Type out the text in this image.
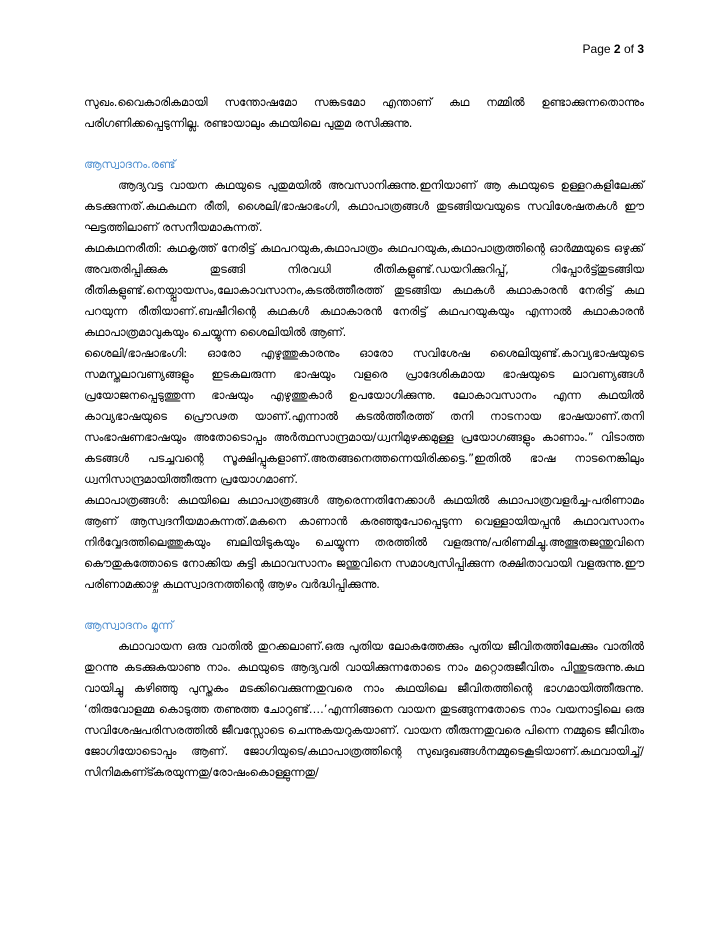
Page 2 of 3

സുഖം.വൈകാരികമായി സന്തോഷമോ സങ്കടമോ എന്താണ് കഥ നമ്മിൽ ഉണ്ടാക്കുന്നതൊന്നും പരിഗണിക്കപ്പെടുന്നില്ല. രണ്ടായാലും കഥയിലെ പുതുമ രസിക്കുന്നു.

ആസ്വാദനം.രണ്ട്

ആദ്യവട്ട വായന കഥയുടെ പുതുമയിൽ അവസാനിക്കുന്നു.ഇനിയാണ് ആ കഥയുടെ ഉള്ളറകളിലേക്ക് കടക്കുന്നത്.കഥകഥന രീതി, ശൈലി/ഭാഷാഭംഗി, കഥാപാത്രങ്ങൾ തുടങ്ങിയവയുടെ സവിശേഷതകൾ ഈ ഘട്ടത്തിലാണ് രസനീയമാകുന്നത്.

കഥകഥനരീതി: കഥകൃത്ത് നേരിട്ട് കഥപറയുക,കഥാപാത്രം കഥപറയുക,കഥാപാത്രത്തിന്റെ ഓർമ്മയുടെ ഒഴുക്ക് അവതരിപ്പിക്കുക തുടങ്ങി നിരവധി രീതികളുണ്ട്.ഡയറിക്കുറിപ്പ്, റിപ്പോർട്ട്തുടങ്ങിയ രീതികളുണ്ട്.നെയ്പ്പായസം,ലോകാവസാനം,കടൽത്തീരത്ത് തുടങ്ങിയ കഥകൾ കഥാകാരൻ നേരിട്ട് കഥ പറയുന്ന രീതിയാണ്.ബഷീറിന്റെ കഥകൾ കഥാകാരൻ നേരിട്ട് കഥപറയുകയും എന്നാൽ കഥാകാരൻ കഥാപാത്രമാവുകയും ചെയ്യുന്ന ശൈലിയിൽ ആണ്.

ശൈലി/ഭാഷാഭംഗി: ഓരോ എഴുത്തുകാരനും ഓരോ സവിശേഷ ശൈലിയുണ്ട്.കാവ്യഭാഷയുടെ സമസ്തലാവണ്യങ്ങളും ഇടകലരുന്ന ഭാഷയും വളരെ പ്രാദേശികമായ ഭാഷയുടെ ലാവണ്യങ്ങൾ പ്രയോജനപ്പെടുത്തുന്ന ഭാഷയും എഴുത്തുകാർ ഉപയോഗിക്കുന്നു. ലോകാവസാനം എന്ന കഥയിൽ കാവ്യഭാഷയുടെ പ്രൌഢത യാണ്.എന്നാൽ കടൽത്തീരത്ത് തനി നാടനായ ഭാഷയാണ്.തനി സംഭാഷണഭാഷയും അതോടൊപ്പം അർത്ഥസാന്ദ്രമായ/ധ്വനിമുഴക്കമുള്ള പ്രയോഗങ്ങളും കാണാം.” വിടാത്ത കടങ്ങൾ പടച്ചവന്റെ സൂക്ഷിപ്പുകളാണ്.അതങ്ങനെത്തന്നെയിരിക്കട്ടെ.”ഇതിൽ ഭാഷ നാടനെങ്കിലും ധ്വനിസാന്ദ്രമായിത്തീരുന്ന പ്രയോഗമാണ്.

കഥാപാത്രങ്ങൾ: കഥയിലെ കഥാപാത്രങ്ങൾ ആരെന്നതിനേക്കാൾ കഥയിൽ കഥാപാത്രവളർച്ച-പരിണാമം ആണ് ആസ്വദനീയമാകുന്നത്.മകനെ കാണാൻ കരഞ്ഞുപോപ്പെടുന്ന വെള്ളായിയപ്പൻ കഥാവസാനം നിർവ്വേദത്തിലെത്തുകയും ബലിയിടുകയും ചെയ്യുന്ന തരത്തിൽ വളരുന്നു/പരിണമിച്ചു.അത്ഭുതജന്തുവിനെ കൌതുകത്തോടെ നോക്കിയ കുട്ടി കഥാവസാനം ജന്തുവിനെ സമാശ്വസിപ്പിക്കുന്ന രക്ഷിതാവായി വളരുന്നു.ഈ പരിണാമക്കാഴ്ച കഥസ്വാദനത്തിന്റെ ആഴം വർദ്ധിപ്പിക്കുന്നു.

ആസ്വാദനം മൂന്ന്

കഥാവായന ഒരു വാതിൽ തുറക്കലാണ്.ഒരു പുതിയ ലോകത്തേക്കും പുതിയ ജീവിതത്തിലേക്കും വാതിൽ തുറന്നു കടക്കുകയാണു നാം. കഥയുടെ ആദ്യവരി വായിക്കുന്നതോടെ നാം മറ്റൊരുജീവിതം പിന്തുടരുന്നു.കഥ വായിച്ചു കഴിഞ്ഞു പുസ്തകം മടക്കിവെക്കുന്നതുവരെ നാം കഥയിലെ ജീവിതത്തിന്റെ ഭാഗമായിത്തീരുന്നു. ‘തിരുവോളമ്മ കൊടുത്ത തണുത്ത ചോറുണ്ട്….’എന്നിങ്ങനെ വായന തുടങ്ങുന്നതോടെ നാം വയനാട്ടിലെ ഒരു സവിശേഷപരിസരത്തിൽ ജീവസ്സോടെ ചെന്നുകയറുകയാണ്. വായന തീരുന്നതുവരെ പിന്നെ നമ്മുടെ ജീവിതം ജോഗിയോടൊപ്പം ആണ്. ജോഗിയുടെ/കഥാപാത്രത്തിന്റെ സുഖദുഖങ്ങൾനമ്മുടെകൂടിയാണ്.കഥവായിച്ച്/സിനിമകണ്ട്കരയുന്നതു/രോഷംകൊള്ളുന്നതു/
